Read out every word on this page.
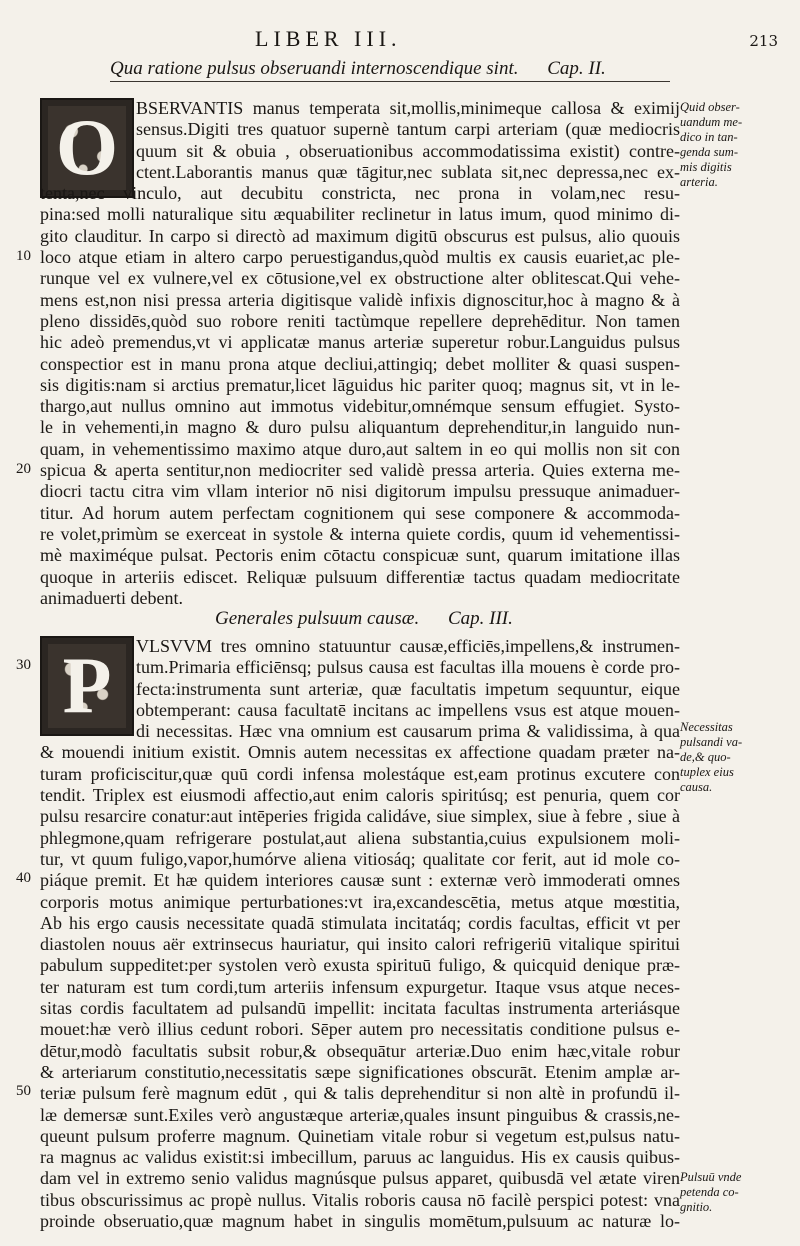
LIBER III.	213
Qua ratione pulsus obseruandi internoscendique sint. Cap. II.
O BSERVANTIS manus temperata sit,mollis,minimeque callosa & eximij
sensus.Digiti tres quatuor supernè tantum carpi arteriam (quæ mediocris
quum sit & obuia , obseruationibus accommodatissima existit) contre-
ctent.Laborantis manus quæ tāgitur,nec sublata sit,nec depressa,nec ex-
tenta,nec vinculo, aut decubitu constricta, nec prona in volam,nec resu-
pina:sed molli naturalique situ æquabiliter reclinetur in latus imum, quod minimo di-
gito clauditur. In carpo si directò ad maximum digitū obscurus est pulsus, alio quouis
loco atque etiam in altero carpo peruestigandus,quòd multis ex causis euariet,ac ple-
runque vel ex vulnere,vel ex cōtusione,vel ex obstructione alter oblitescat.Qui vehe-
mens est,non nisi pressa arteria digitisque validè infixis dignoscitur,hoc à magno & à
pleno dissidēs,quòd suo robore reniti tactùmque repellere deprehēditur. Non tamen
hic adeò premendus,vt vi applicatæ manus arteriæ superetur robur.Languidus pulsus
conspectior est in manu prona atque decliui,attingiq; debet molliter & quasi suspen-
sis digitis:nam si arctius prematur,licet lāguidus hic pariter quoq; magnus sit, vt in le-
thargo,aut nullus omnino aut immotus videbitur,omnémque sensum effugiet. Systo-
le in vehementi,in magno & duro pulsu aliquantum deprehenditur,in languido nun-
quam, in vehementissimo maximo atque duro,aut saltem in eo qui mollis non sit con
spicua & aperta sentitur,non mediocriter sed validè pressa arteria. Quies externa me-
diocri tactu citra vim vllam interior nō nisi digitorum impulsu pressuque animaduer-
titur. Ad horum autem perfectam cognitionem qui sese componere & accommoda-
re volet,primùm se exerceat in systole & interna quiete cordis, quum id vehementissi-
mè maximéque pulsat. Pectoris enim cōtactu conspicuæ sunt, quarum imitatione illas
quoque in arteriis ediscet. Reliquæ pulsuum differentiæ tactus quadam mediocritate
animaduerti debent.
10
20
Quid obser-
uandum me-
dico in tan-
genda sum-
mis digitis
arteria.
Generales pulsuum causæ. Cap. III.
P	VLSVVM tres omnino statuuntur causæ,efficiēs,impellens,& instrumen-
tum.Primaria efficiēnsq; pulsus causa est facultas illa mouens è corde pro-
fecta:instrumenta sunt arteriæ, quæ facultatis impetum sequuntur, eique
obtemperant: causa facultatē incitans ac impellens vsus est atque mouen-
di necessitas. Hæc vna omnium est causarum prima & validissima, à qua
& mouendi initium existit. Omnis autem necessitas ex affectione quadam præter na-
turam proficiscitur,quæ quū cordi infensa molestáque est,eam protinus excutere con
tendit. Triplex est eiusmodi affectio,aut enim caloris spiritúsq; est penuria, quem cor
pulsu resarcire conatur:aut intēperies frigida calidáve, siue simplex, siue à febre , siue à
phlegmone,quam refrigerare postulat,aut aliena substantia,cuius expulsionem moli-
tur, vt quum fuligo,vapor,humórve aliena vitiosáq; qualitate cor ferit, aut id mole co-
piáque premit. Et hæ quidem interiores causæ sunt : externæ verò immoderati omnes
corporis motus animique perturbationes:vt ira,excandescētia, metus atque mœstitia,
Ab his ergo causis necessitate quadā stimulata incitatáq; cordis facultas, efficit vt per
diastolen nouus aër extrinsecus hauriatur, qui insito calori refrigeriū vitalique spiritui
pabulum suppeditet:per systolen verò exusta spirituū fuligo, & quicquid denique præ-
ter naturam est tum cordi,tum arteriis infensum expurgetur. Itaque vsus atque neces-
sitas cordis facultatem ad pulsandū impellit: incitata facultas instrumenta arteriásque
mouet:hæ verò illius cedunt robori. Sēper autem pro necessitatis conditione pulsus e-
dētur,modò facultatis subsit robur,& obsequātur arteriæ.Duo enim hæc,vitale robur
& arteriarum constitutio,necessitatis sæpe significationes obscurāt. Etenim amplæ ar-
teriæ pulsum ferè magnum edūt , qui & talis deprehenditur si non altè in profundū il-
læ demersæ sunt.Exiles verò angustæque arteriæ,quales insunt pinguibus & crassis,ne-
queunt pulsum proferre magnum. Quinetiam vitale robur si vegetum est,pulsus natu-
ra magnus ac validus existit:si imbecillum, paruus ac languidus. His ex causis quibus-
dam vel in extremo senio validus magnúsque pulsus apparet, quibusdā vel ætate viren
tibus obscurissimus ac propè nullus. Vitalis roboris causa nō facilè perspici potest: vna
proinde obseruatio,quæ magnum habet in singulis momētum,pulsuum ac naturæ lo-
30
40
50
Necessitas
pulsandi va-
de,& quo-
tuplex eius
causa.
Pulsuū vnde
petenda co-
gnitio.
